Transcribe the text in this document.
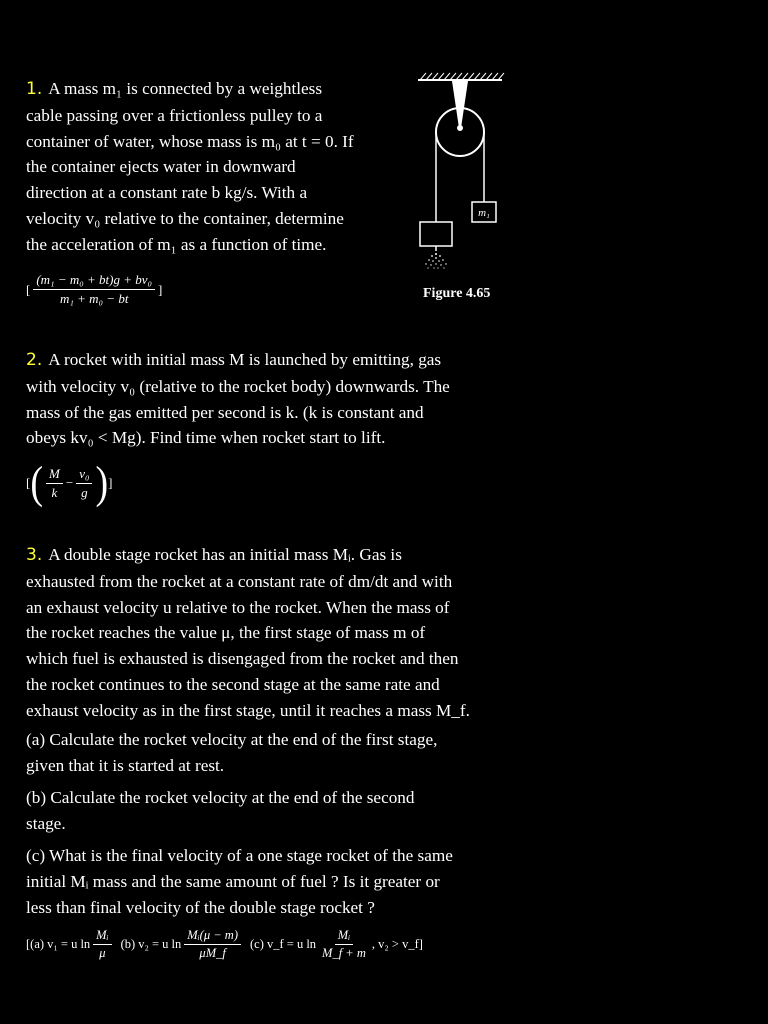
1. A mass m₁ is connected by a weightless
cable passing over a frictionless pulley to a
container of water, whose mass is m₀ at t = 0. If
the container ejects water in downward
direction at a constant rate b kg/s. With a
velocity v₀ relative to the container, determine
the acceleration of m₁ as a function of time.
[ $\frac{\text{(m₁ − m₀ + bt)g + bv₀}}{\text{m₁ + m₀ − bt}}$ ]
m₁
Figure 4.65
2. A rocket with initial mass M is launched by emitting, gas
with velocity v₀ (relative to the rocket body) downwards. The
mass of the gas emitted per second is k. (k is constant and
obeys kv₀ < Mg). Find time when rocket start to lift.
[ ( $\frac{M}{k} - \frac{\text{v₀}}{g}$ ) ]
3. A double stage rocket has an initial mass Mᵢ. Gas is
exhausted from the rocket at a constant rate of dm/dt and with
an exhaust velocity u relative to the rocket. When the mass of
the rocket reaches the value μ, the first stage of mass m of
which fuel is exhausted is disengaged from the rocket and then
the rocket continues to the second stage at the same rate and
exhaust velocity as in the first stage, until it reaches a mass M_f.
(a) Calculate the rocket velocity at the end of the first stage,
given that it is started at rest.
(b) Calculate the rocket velocity at the end of the second
stage.
(c) What is the final velocity of a one stage rocket of the same
initial Mᵢ mass and the same amount of fuel ? Is it greater or
less than final velocity of the double stage rocket ?
[(a) v₁ = u $\ln \frac{\text{Mᵢ}}{\mu} (b) v_2 = u$ $\ln \frac{\text{Mᵢ(μ − m)}}{\mu M\_f} (c)$ v_f = u $\ln \frac{\text{Mᵢ}}{M\_f + m}$ , v₂ > v_f]
